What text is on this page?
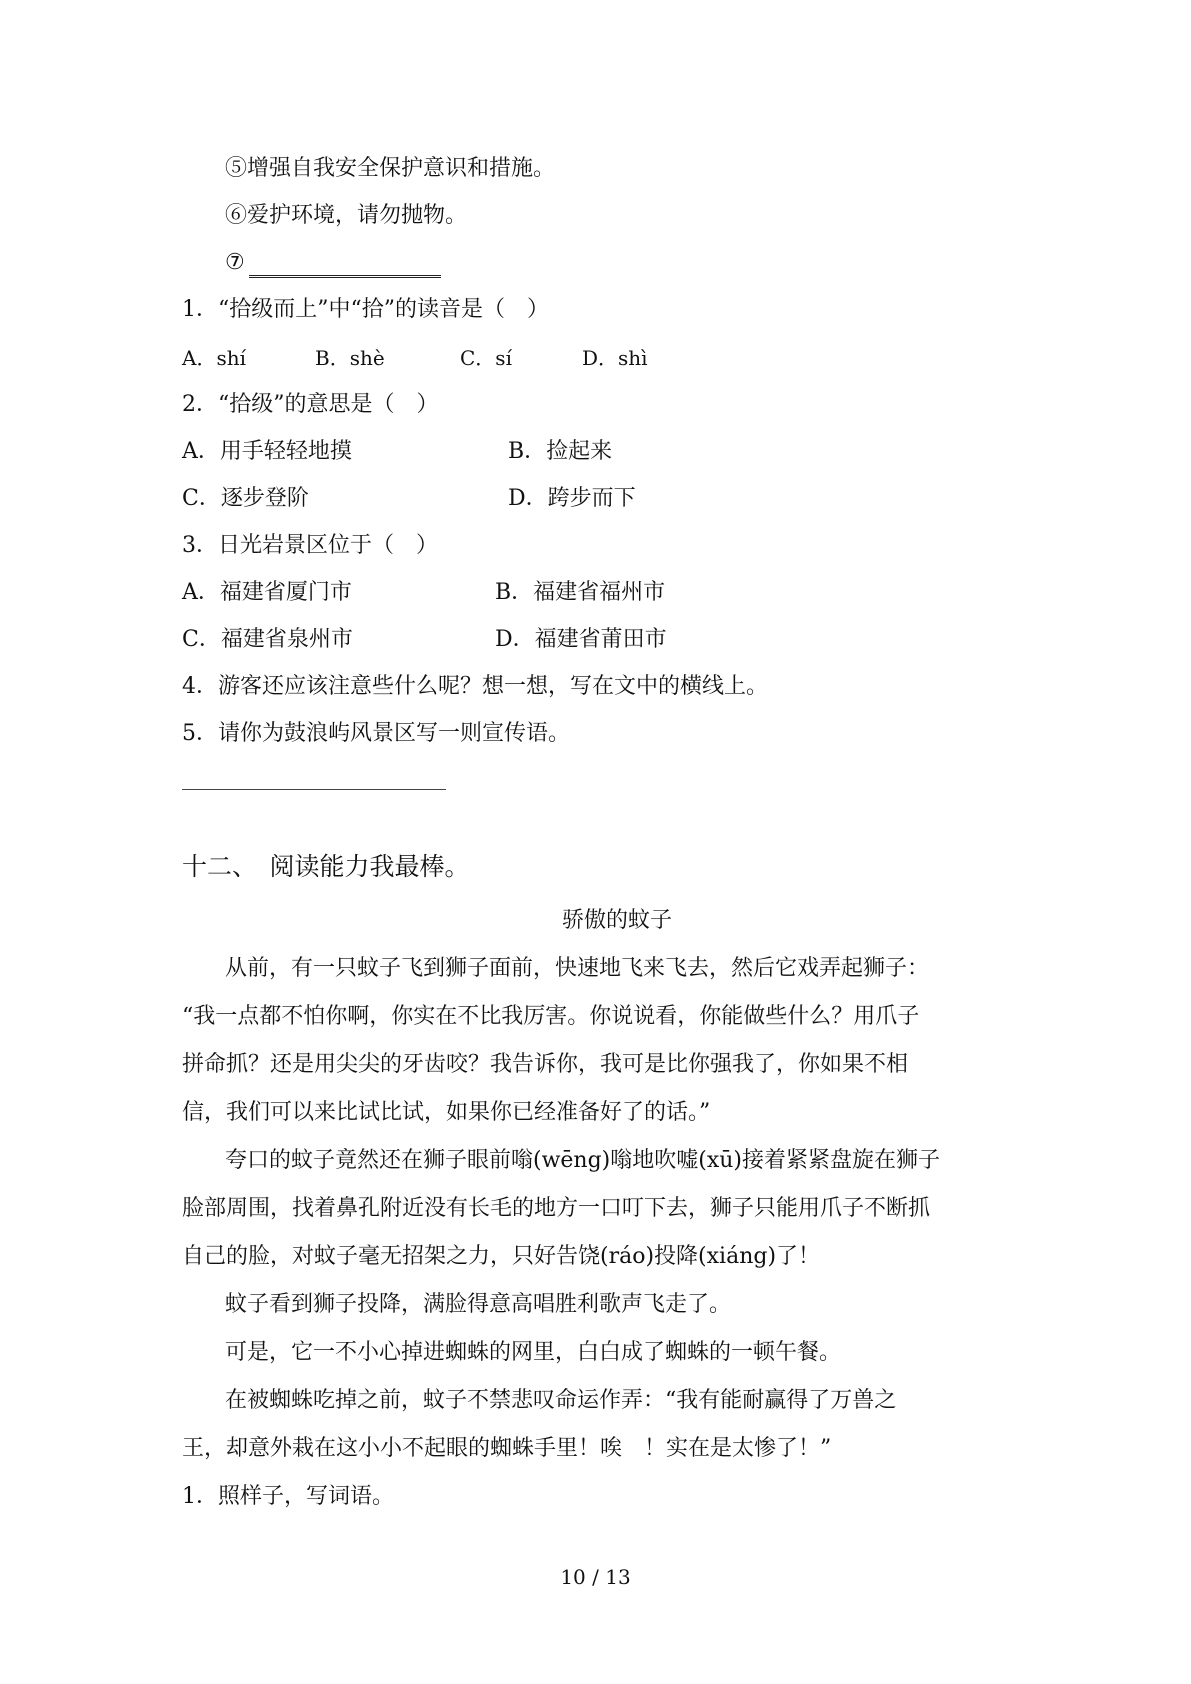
⑤增强自我安全保护意识和措施。
⑥爱护环境，请勿抛物。
⑦
1．“拾级而上”中“拾”的读音是（　）
A．shí	B．shè	C．sí	D．shì
2．“拾级”的意思是（　）
A．用手轻轻地摸	B．捡起来
C．逐步登阶	D．跨步而下
3．日光岩景区位于（　）
A．福建省厦门市	B．福建省福州市
C．福建省泉州市	D．福建省莆田市
4．游客还应该注意些什么呢？想一想，写在文中的横线上。
5．请你为鼓浪屿风景区写一则宣传语。
十二、　阅读能力我最棒。
骄傲的蚊子
从前，有一只蚊子飞到狮子面前，快速地飞来飞去，然后它戏弄起狮子：
“我一点都不怕你啊，你实在不比我厉害。你说说看，你能做些什么？用爪子
拼命抓？还是用尖尖的牙齿咬？我告诉你，我可是比你强我了，你如果不相
信，我们可以来比试比试，如果你已经准备好了的话。”
夸口的蚊子竟然还在狮子眼前嗡(wēng)嗡地吹嘘(xū)接着紧紧盘旋在狮子
脸部周围，找着鼻孔附近没有长毛的地方一口叮下去，狮子只能用爪子不断抓
自己的脸，对蚊子毫无招架之力，只好告饶(ráo)投降(xiáng)了！
蚊子看到狮子投降，满脸得意高唱胜利歌声飞走了。
可是，它一不小心掉进蜘蛛的网里，白白成了蜘蛛的一顿午餐。
在被蜘蛛吃掉之前，蚊子不禁悲叹命运作弄：“我有能耐赢得了万兽之
王，却意外栽在这小小不起眼的蜘蛛手里！唉　！实在是太惨了！”
1．照样子，写词语。
10 / 13
